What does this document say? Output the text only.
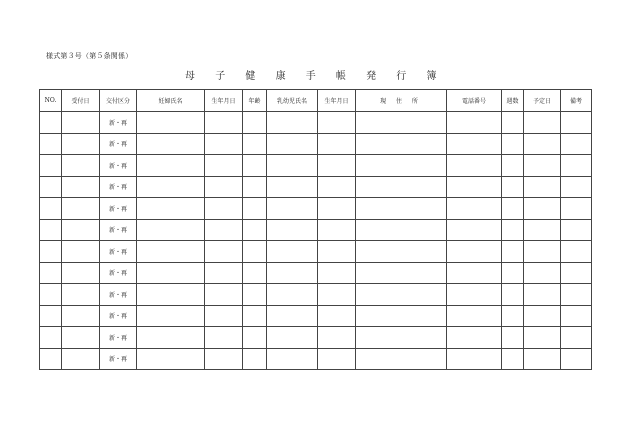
様式第３号（第５条関係）
母 子 健 康 手 帳 発 行 簿
NO.	受付日	交付区分	妊婦氏名	生年月日	年齢	乳幼児氏名	生年月日	現 住 所	電話番号	週数	予定日	備考
		新・再										
		新・再										
		新・再										
		新・再										
		新・再										
		新・再										
		新・再										
		新・再										
		新・再										
		新・再										
		新・再										
		新・再										
